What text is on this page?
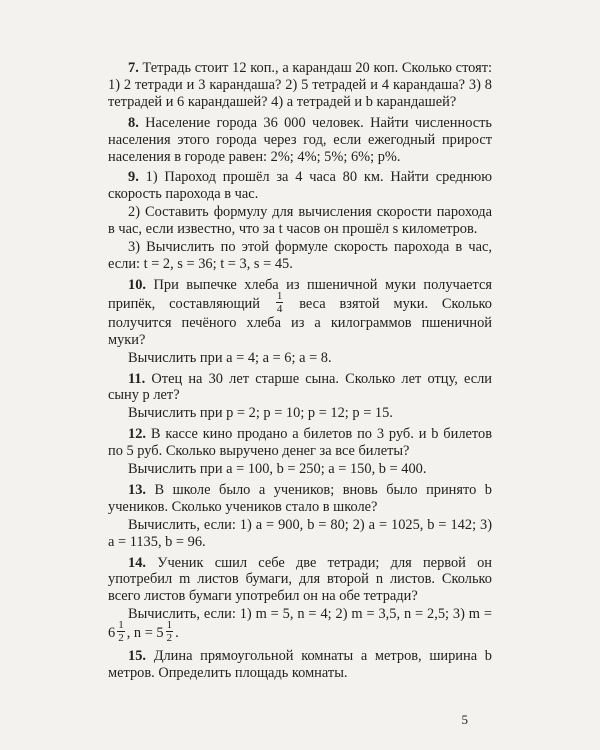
7. Тетрадь стоит 12 коп., а карандаш 20 коп. Сколько стоят: 1) 2 тетради и 3 карандаша? 2) 5 тетрадей и 4 карандаша? 3) 8 тетрадей и 6 карандашей? 4) a тетрадей и b карандашей?

8. Население города 36 000 человек. Найти численность населения этого города через год, если ежегодный прирост населения в городе равен: 2%; 4%; 5%; 6%; p%.

9. 1) Пароход прошёл за 4 часа 80 км. Найти среднюю скорость парохода в час.

2) Составить формулу для вычисления скорости парохода в час, если известно, что за t часов он прошёл s километров.

3) Вычислить по этой формуле скорость парохода в час, если: t = 2, s = 36; t = 3, s = 45.

10. При выпечке хлеба из пшеничной муки получается припёк, составляющий $\frac{1}{4}$ веса взятой муки. Сколько получится печёного хлеба из a килограммов пшеничной муки?

Вычислить при a = 4; a = 6; a = 8.

11. Отец на 30 лет старше сына. Сколько лет отцу, если сыну p лет?

Вычислить при p = 2; p = 10; p = 12; p = 15.

12. В кассе кино продано a билетов по 3 руб. и b билетов по 5 руб. Сколько выручено денег за все билеты?

Вычислить при a = 100, b = 250; a = 150, b = 400.

13. В школе было a учеников; вновь было принято b учеников. Сколько учеников стало в школе?

Вычислить, если: 1) a = 900, b = 80; 2) a = 1025, b = 142; 3) a = 1135, b = 96.

14. Ученик сшил себе две тетради; для первой он употребил m листов бумаги, для второй n листов. Сколько всего листов бумаги употребил он на обе тетради?

Вычислить, если: 1) m = 5, n = 4; 2) m = 3,5, n = 2,5; 3) $m = 6 \frac{1}{2}$ , $n = 5 \frac{1}{2}$ .

15. Длина прямоугольной комнаты a метров, ширина b метров. Определить площадь комнаты.

5
